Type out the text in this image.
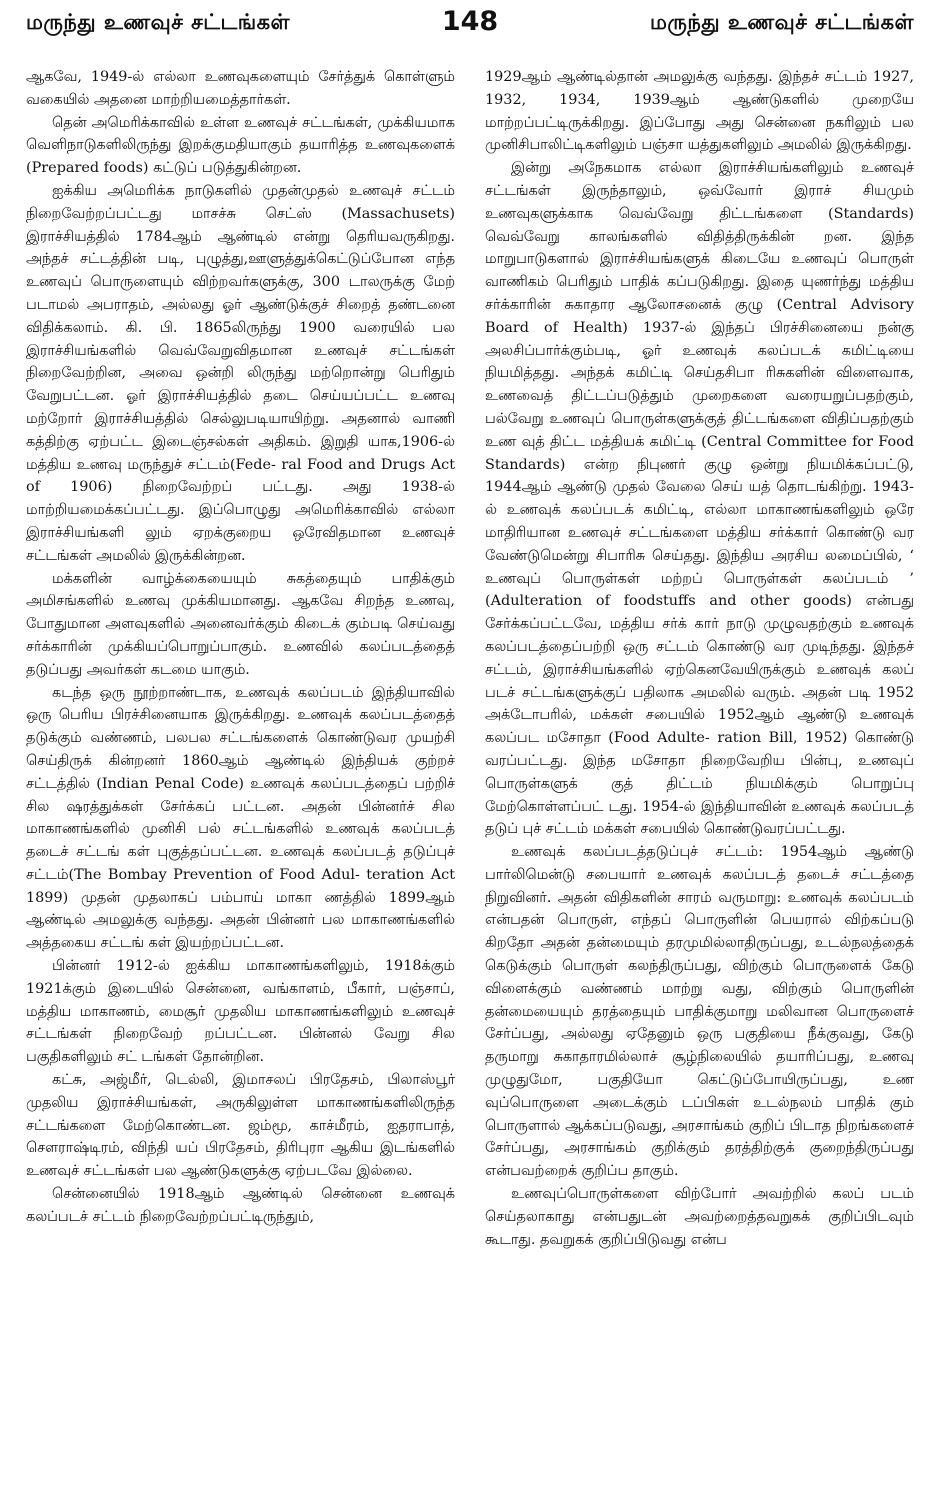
மருந்து உணவுச் சட்டங்கள்	148	மருந்து உணவுச் சட்டங்கள்

ஆகவே, 1949-ல் எல்லா உணவுகளையும் சேர்த்துக் கொள்ளும் வகையில் அதனை மாற்றியமைத்தார்கள்.

தென் அமெரிக்காவில் உள்ள உணவுச் சட்டங்கள், முக்கியமாக வெளிநாடுகளிலிருந்து இறக்குமதியாகும் தயாரித்த உணவுகளைக் (Prepared foods) கட்டுப் படுத்துகின்றன.

ஐக்கிய அமெரிக்க நாடுகளில் முதன்முதல் உணவுச் சட்டம் நிறைவேற்றப்பட்டது மாசச்சு செட்ஸ் (Massachusets) இராச்சியத்தில் 1784ஆம் ஆண்டில் என்று தெரியவருகிறது. அந்தச் சட்டத்தின் படி, புழுத்து,ஊளுத்துக்கெட்டுப்போன எந்த உணவுப் பொருளையும் விற்றவர்களுக்கு, 300 டாலருக்கு மேற் படாமல் அபராதம், அல்லது ஓர் ஆண்டுக்குச் சிறைத் தண்டனை விதிக்கலாம். கி. பி. 1865லிருந்து 1900 வரையில் பல இராச்சியங்களில் வெவ்வேறுவிதமான உணவுச் சட்டங்கள் நிறைவேற்றின, அவை ஒன்றி லிருந்து மற்றொன்று பெரிதும் வேறுபட்டன. ஓர் இராச்சியத்தில் தடை செய்யப்பட்ட உணவு மற்றோர் இராச்சியத்தில் செல்லுபடியாயிற்று. அதனால் வாணி கத்திற்கு ஏற்பட்ட இடைஞ்சல்கள் அதிகம். இறுதி யாக,1906-ல் மத்திய உணவு மருந்துச் சட்டம்(Fede- ral Food and Drugs Act of 1906) நிறைவேற்றப் பட்டது. அது 1938-ல் மாற்றியமைக்கப்பட்டது. இப்பொழுது அமெரிக்காவில் எல்லா இராச்சியங்களி லும் ஏறக்குறைய ஒரேவிதமான உணவுச் சட்டங்கள் அமலில் இருக்கின்றன.

மக்களின் வாழ்க்கையையும் சுகத்தையும் பாதிக்கும் அமிசங்களில் உணவு முக்கியமானது. ஆகவே சிறந்த உணவு, போதுமான அளவுகளில் அனைவர்க்கும் கிடைக் கும்படி செய்வது சர்க்காரின் முக்கியப்பொறுப்பாகும். உணவில் கலப்படத்தைத் தடுப்பது அவர்கள் கடமை யாகும்.

கடந்த ஒரு நூற்றாண்டாக, உணவுக் கலப்படம் இந்தியாவில் ஒரு பெரிய பிரச்சினையாக இருக்கிறது. உணவுக் கலப்படத்தைத் தடுக்கும் வண்ணம், பலபல சட்டங்களைக் கொண்டுவர முயற்சி செய்திருக் கின்றனர் 1860ஆம் ஆண்டில் இந்தியக் குற்றச் சட்டத்தில் (Indian Penal Code) உணவுக் கலப்படத்தைப் பற்றிச் சில ஷரத்துக்கள் சேர்க்கப் பட்டன. அதன் பின்னர்ச் சில மாகாணங்களில் முனிசி பல் சட்டங்களில் உணவுக் கலப்படத் தடைச் சட்டங் கள் புகுத்தப்பட்டன. உணவுக் கலப்படத் தடுப்புச் சட்டம்(The Bombay Prevention of Food Adul- teration Act 1899) முதன் முதலாகப் பம்பாய் மாகா ணத்தில் 1899ஆம் ஆண்டில் அமலுக்கு வந்தது. அதன் பின்னர் பல மாகாணங்களில் அத்தகைய சட்டங் கள் இயற்றப்பட்டன.

பின்னர் 1912-ல் ஐக்கிய மாகாணங்களிலும், 1918க்கும் 1921க்கும் இடையில் சென்னை, வங்காளம், பீகார், பஞ்சாப், மத்திய மாகாணம், மைசூர் முதலிய மாகாணங்களிலும் உணவுச் சட்டங்கள் நிறைவேற் றப்பட்டன. பின்னல் வேறு சில பகுதிகளிலும் சட் டங்கள் தோன்றின.

கட்சு, அஜ்மீர், டெல்லி, இமாசலப் பிரதேசம், பிலாஸ்பூர் முதலிய இராச்சியங்கள், அருகிலுள்ள மாகாணங்களிலிருந்த சட்டங்களை மேற்கொண்டன. ஜம்மூ, காச்மீரம், ஐதராபாத், சௌராஷ்டிரம், விந்தி யப் பிரதேசம், திரிபுரா ஆகிய இடங்களில் உணவுச் சட்டங்கள் பல ஆண்டுகளுக்கு ஏற்படவே இல்லை.

சென்னையில் 1918ஆம் ஆண்டில் சென்னை உணவுக் கலப்படச் சட்டம் நிறைவேற்றப்பட்டிருந்தும்,

1929ஆம் ஆண்டில்தான் அமலுக்கு வந்தது. இந்தச் சட்டம் 1927, 1932, 1934, 1939ஆம் ஆண்டுகளில் முறையே மாற்றப்பட்டிருக்கிறது. இப்போது அது சென்னை நகரிலும் பல முனிசிபாலிட்டிகளிலும் பஞ்சா யத்துகளிலும் அமலில் இருக்கிறது.

இன்று அநேகமாக எல்லா இராச்சியங்களிலும் உணவுச் சட்டங்கள் இருந்தாலும், ஒவ்வோர் இராச் சியமும் உணவுகளுக்காக வெவ்வேறு திட்டங்களை (Standards) வெவ்வேறு காலங்களில் விதித்திருக்கின் றன. இந்த மாறுபாடுகளால் இராச்சியங்களுக் கிடையே உணவுப் பொருள் வாணிகம் பெரிதும் பாதிக் கப்படுகிறது. இதை யுணர்ந்து மத்திய சர்க்காரின் சுகாதார ஆலோசனைக் குழு (Central Advisory Board of Health) 1937-ல் இந்தப் பிரச்சினையை நன்கு அலசிப்பார்க்கும்படி, ஓர் உணவுக் கலப்படக் கமிட்டியை நியமித்தது. அந்தக் கமிட்டி செய்தசிபா ரிசுகளின் விளைவாக, உணவைத் திட்டப்படுத்தும் முறைகளை வரையறுப்பதற்கும், பல்வேறு உணவுப் பொருள்களுக்குத் திட்டங்களை விதிப்பதற்கும் உண வுத் திட்ட மத்தியக் கமிட்டி (Central Committee for Food Standards) என்ற நிபுணர் குழு ஒன்று நியமிக்கப்பட்டு, 1944ஆம் ஆண்டு முதல் வேலை செய் யத் தொடங்கிற்று. 1943-ல் உணவுக் கலப்படக் கமிட்டி, எல்லா மாகாணங்களிலும் ஒரே மாதிரியான உணவுச் சட்டங்களை மத்திய சர்க்கார் கொண்டு வர வேண்டுமென்று சிபாரிசு செய்தது. இந்திய அரசிய லமைப்பில், ‘ உணவுப் பொருள்கள் மற்றப் பொருள்கள் கலப்படம் ’ (Adulteration of foodstuffs and other goods) என்பது சேர்க்கப்பட்டவே, மத்திய சர்க் கார் நாடு முழுவதற்கும் உணவுக் கலப்படத்தைப்பற்றி ஒரு சட்டம் கொண்டு வர முடிந்தது. இந்தச் சட்டம், இராச்சியங்களில் ஏற்கெனவேயிருக்கும் உணவுக் கலப் படச் சட்டங்களுக்குப் பதிலாக அமலில் வரும். அதன் படி 1952 அக்டோபரில், மக்கள் சபையில் 1952ஆம் ஆண்டு உணவுக் கலப்பட மசோதா (Food Adulte- ration Bill, 1952) கொண்டு வரப்பட்டது. இந்த மசோதா நிறைவேறிய பின்பு, உணவுப் பொருள்களுக் குத் திட்டம் நியமிக்கும் பொறுப்பு மேற்கொள்ளப்பட் டது. 1954-ல் இந்தியாவின் உணவுக் கலப்படத் தடுப் புச் சட்டம் மக்கள் சபையில் கொண்டுவரப்பட்டது.

உணவுக் கலப்படத்தடுப்புச் சட்டம்: 1954ஆம் ஆண்டு பார்லிமென்டு சபையார் உணவுக் கலப்படத் தடைச் சட்டத்தை நிறுவினர். அதன் விதிகளின் சாரம் வருமாறு: உணவுக் கலப்படம் என்பதன் பொருள், எந்தப் பொருளின் பெயரால் விற்கப்படு கிறதோ அதன் தன்மையும் தரமுமில்லாதிருப்பது, உடல்நலத்தைக் கெடுக்கும் பொருள் கலந்திருப்பது, விற்கும் பொருளைக் கேடு விளைக்கும் வண்ணம் மாற்று வது, விற்கும் பொருளின் தன்மையையும் தரத்தையும் பாதிக்குமாறு மலிவான பொருளைச் சேர்ப்பது, அல்லது ஏதேனும் ஒரு பகுதியை நீக்குவது, கேடு தருமாறு சுகாதாரமில்லாச் சூழ்நிலையில் தயாரிப்பது, உணவு முழுதுமோ, பகுதியோ கெட்டுப்போயிருப்பது, உண வுப்பொருளை அடைக்கும் டப்பிகள் உடல்நலம் பாதிக் கும் பொருளால் ஆக்கப்படுவது, அரசாங்கம் குறிப் பிடாத நிறங்களைச் சேர்ப்பது, அரசாங்கம் குறிக்கும் தரத்திற்குக் குறைந்திருப்பது என்பவற்றைக் குறிப்ப தாகும்.

உணவுப்பொருள்களை விற்போர் அவற்றில் கலப் படம் செய்தலாகாது என்பதுடன் அவற்றைத்தவறுகக் குறிப்பிடவும் கூடாது. தவறுகக் குறிப்பிடுவது என்ப
